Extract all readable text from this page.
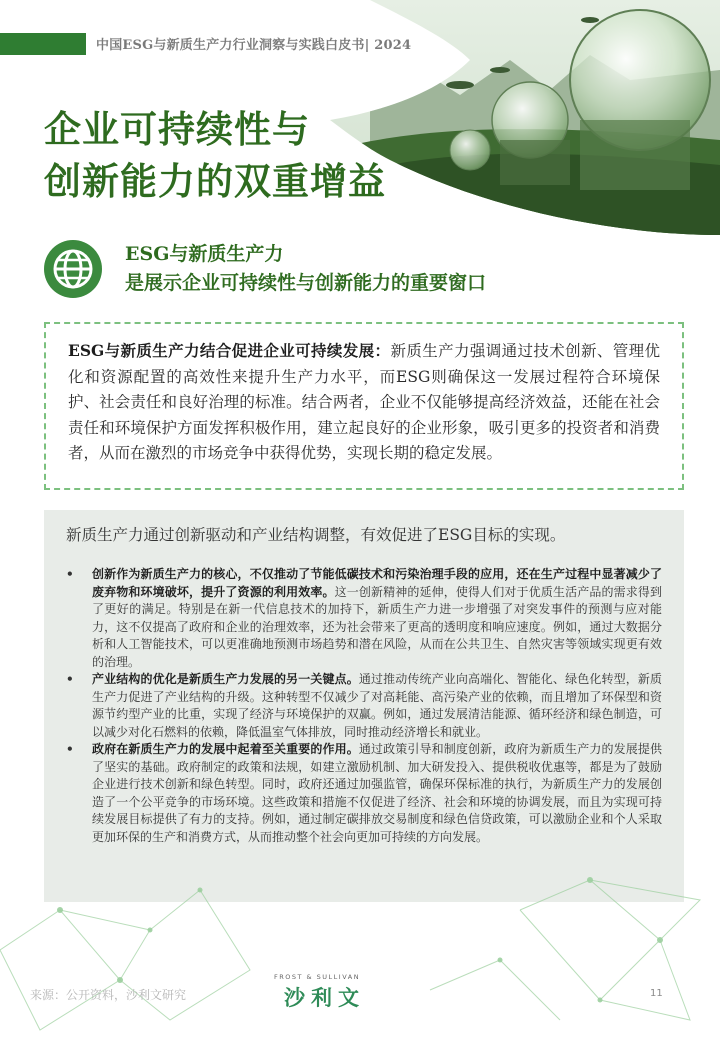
中国ESG与新质生产力行业洞察与实践白皮书| 2024
企业可持续性与
创新能力的双重增益
ESG与新质生产力
是展示企业可持续性与创新能力的重要窗口
ESG与新质生产力结合促进企业可持续发展：新质生产力强调通过技术创新、管理优化和资源配置的高效性来提升生产力水平，而ESG则确保这一发展过程符合环境保护、社会责任和良好治理的标准。结合两者，企业不仅能够提高经济效益，还能在社会责任和环境保护方面发挥积极作用，建立起良好的企业形象，吸引更多的投资者和消费者，从而在激烈的市场竞争中获得优势，实现长期的稳定发展。

新质生产力通过创新驱动和产业结构调整，有效促进了ESG目标的实现。

• 创新作为新质生产力的核心，不仅推动了节能低碳技术和污染治理手段的应用，还在生产过程中显著减少了废弃物和环境破坏，提升了资源的利用效率。这一创新精神的延伸，使得人们对于优质生活产品的需求得到了更好的满足。特别是在新一代信息技术的加持下，新质生产力进一步增强了对突发事件的预测与应对能力，这不仅提高了政府和企业的治理效率，还为社会带来了更高的透明度和响应速度。例如，通过大数据分析和人工智能技术，可以更准确地预测市场趋势和潜在风险，从而在公共卫生、自然灾害等领域实现更有效的治理。
• 产业结构的优化是新质生产力发展的另一关键点。通过推动传统产业向高端化、智能化、绿色化转型，新质生产力促进了产业结构的升级。这种转型不仅减少了对高耗能、高污染产业的依赖，而且增加了环保型和资源节约型产业的比重，实现了经济与环境保护的双赢。例如，通过发展清洁能源、循环经济和绿色制造，可以减少对化石燃料的依赖，降低温室气体排放，同时推动经济增长和就业。
• 政府在新质生产力的发展中起着至关重要的作用。通过政策引导和制度创新，政府为新质生产力的发展提供了坚实的基础。政府制定的政策和法规，如建立激励机制、加大研发投入、提供税收优惠等，都是为了鼓励企业进行技术创新和绿色转型。同时，政府还通过加强监管，确保环保标准的执行，为新质生产力的发展创造了一个公平竞争的市场环境。这些政策和措施不仅促进了经济、社会和环境的协调发展，而且为实现可持续发展目标提供了有力的支持。例如，通过制定碳排放交易制度和绿色信贷政策，可以激励企业和个人采取更加环保的生产和消费方式，从而推动整个社会向更加可持续的方向发展。
来源：公开资料，沙利文研究
FROST & SULLIVAN
沙利文	11
